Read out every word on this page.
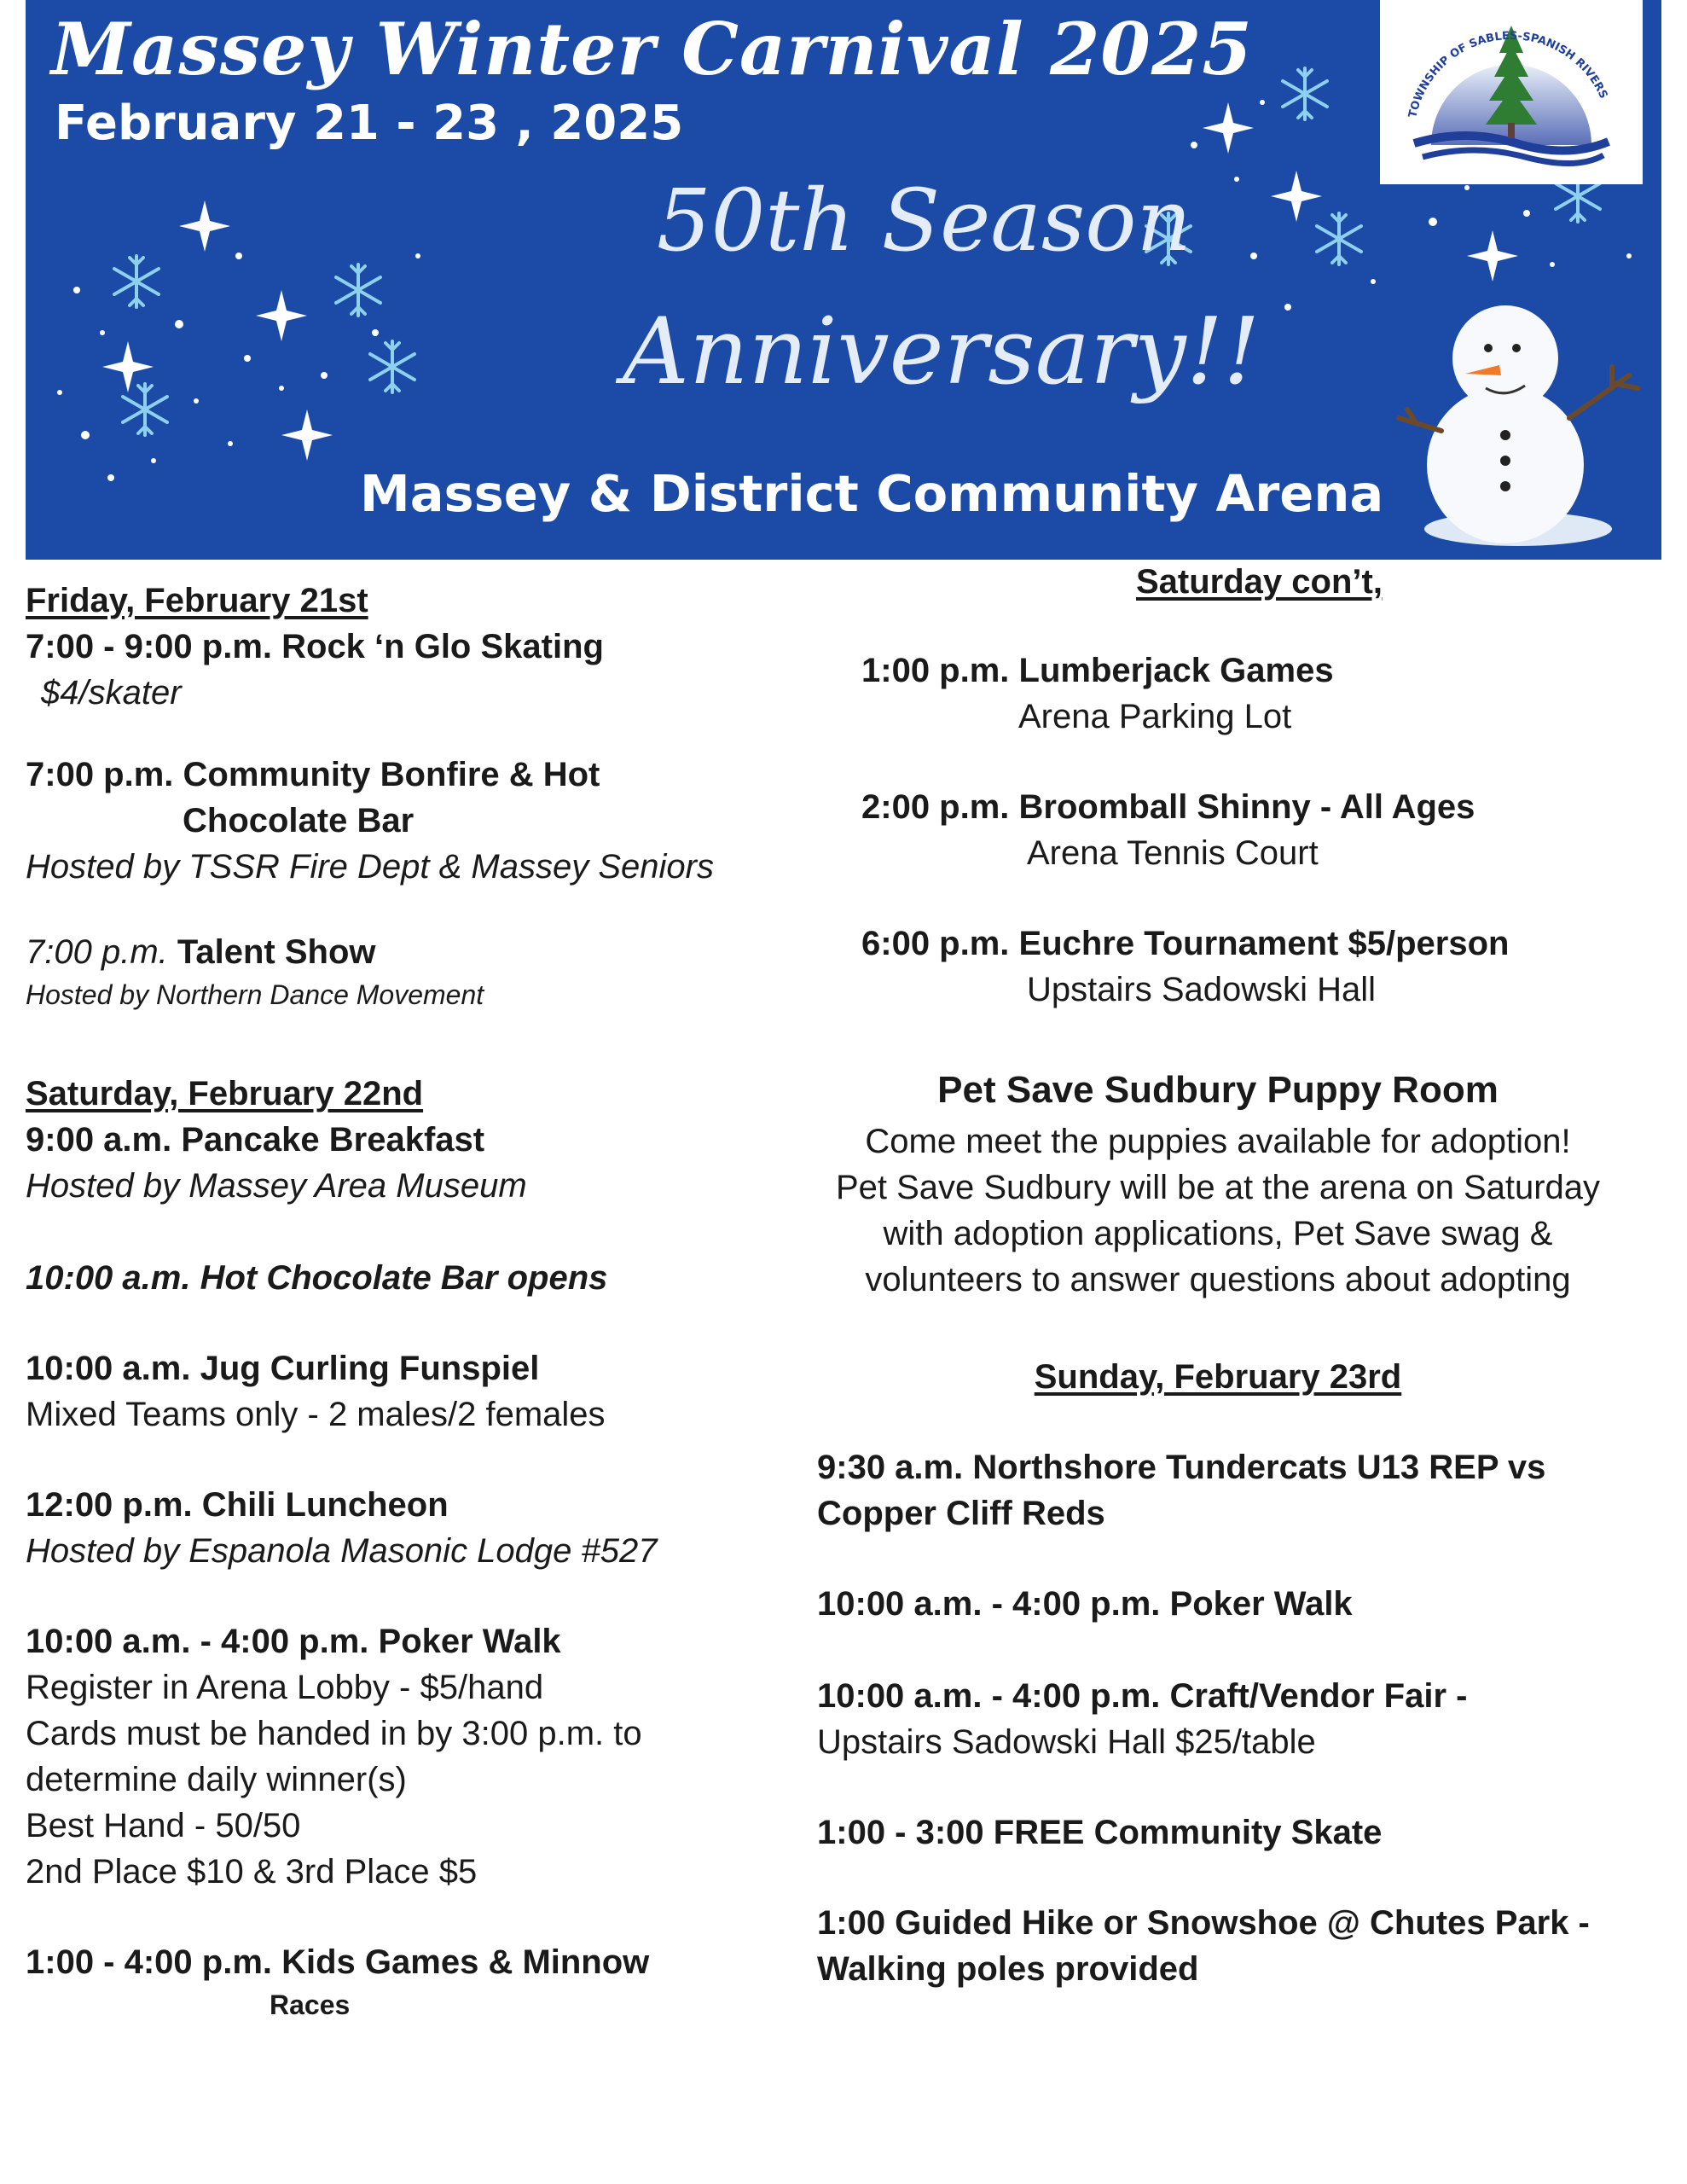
Massey Winter Carnival 2025
February 21 - 23 , 2025
50th Season
Anniversary!!
Massey & District Community Arena
TOWNSHIP OF SABLES-SPANISH RIVERS
Friday, February 21st
7:00 - 9:00 p.m. Rock ‘n Glo Skating
$4/skater
7:00 p.m. Community Bonfire & Hot
Chocolate Bar
Hosted by TSSR Fire Dept & Massey Seniors
7:00 p.m. Talent Show
Hosted by Northern Dance Movement
Saturday, February 22nd
9:00 a.m. Pancake Breakfast
Hosted by Massey Area Museum
10:00 a.m. Hot Chocolate Bar opens
10:00 a.m. Jug Curling Funspiel
Mixed Teams only - 2 males/2 females
12:00 p.m. Chili Luncheon
Hosted by Espanola Masonic Lodge #527
10:00 a.m. - 4:00 p.m. Poker Walk
Register in Arena Lobby - $5/hand
Cards must be handed in by 3:00 p.m. to
determine daily winner(s)
Best Hand - 50/50
2nd Place $10 & 3rd Place $5
1:00 - 4:00 p.m. Kids Games & Minnow
Races
Saturday con’t,
1:00 p.m. Lumberjack Games
Arena Parking Lot
2:00 p.m. Broomball Shinny - All Ages
Arena Tennis Court
6:00 p.m. Euchre Tournament $5/person
Upstairs Sadowski Hall
Pet Save Sudbury Puppy Room
Come meet the puppies available for adoption!
Pet Save Sudbury will be at the arena on Saturday
with adoption applications, Pet Save swag &
volunteers to answer questions about adopting
Sunday, February 23rd
9:30 a.m. Northshore Tundercats U13 REP vs
Copper Cliff Reds
10:00 a.m. - 4:00 p.m. Poker Walk
10:00 a.m. - 4:00 p.m. Craft/Vendor Fair -
Upstairs Sadowski Hall $25/table
1:00 - 3:00 FREE Community Skate
1:00 Guided Hike or Snowshoe @ Chutes Park -
Walking poles provided
